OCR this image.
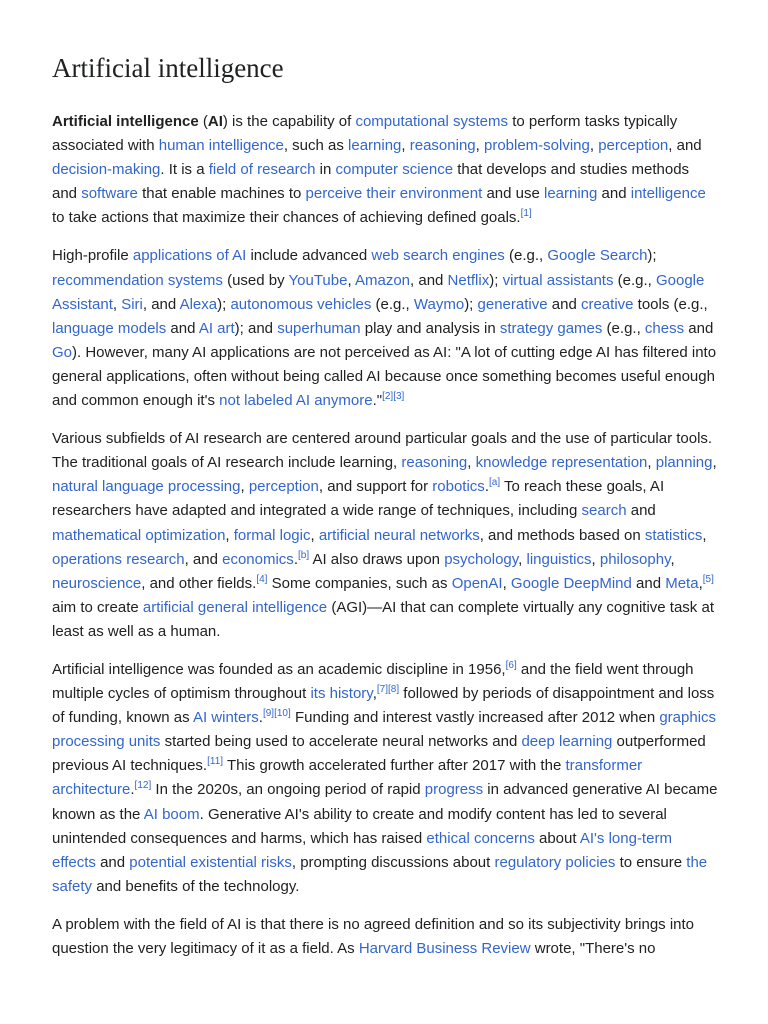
Artificial intelligence

Artificial intelligence (AI) is the capability of computational systems to perform tasks typically associated with human intelligence, such as learning, reasoning, problem-solving, perception, and decision-making. It is a field of research in computer science that develops and studies methods and software that enable machines to perceive their environment and use learning and intelligence to take actions that maximize their chances of achieving defined goals.[1]

High-profile applications of AI include advanced web search engines (e.g., Google Search); recommendation systems (used by YouTube, Amazon, and Netflix); virtual assistants (e.g., Google Assistant, Siri, and Alexa); autonomous vehicles (e.g., Waymo); generative and creative tools (e.g., language models and AI art); and superhuman play and analysis in strategy games (e.g., chess and Go). However, many AI applications are not perceived as AI: "A lot of cutting edge AI has filtered into general applications, often without being called AI because once something becomes useful enough and common enough it's not labeled AI anymore."[2][3]

Various subfields of AI research are centered around particular goals and the use of particular tools. The traditional goals of AI research include learning, reasoning, knowledge representation, planning, natural language processing, perception, and support for robotics.[a] To reach these goals, AI researchers have adapted and integrated a wide range of techniques, including search and mathematical optimization, formal logic, artificial neural networks, and methods based on statistics, operations research, and economics.[b] AI also draws upon psychology, linguistics, philosophy, neuroscience, and other fields.[4] Some companies, such as OpenAI, Google DeepMind and Meta,[5] aim to create artificial general intelligence (AGI)—AI that can complete virtually any cognitive task at least as well as a human.

Artificial intelligence was founded as an academic discipline in 1956,[6] and the field went through multiple cycles of optimism throughout its history,[7][8] followed by periods of disappointment and loss of funding, known as AI winters.[9][10] Funding and interest vastly increased after 2012 when graphics processing units started being used to accelerate neural networks and deep learning outperformed previous AI techniques.[11] This growth accelerated further after 2017 with the transformer architecture.[12] In the 2020s, an ongoing period of rapid progress in advanced generative AI became known as the AI boom. Generative AI's ability to create and modify content has led to several unintended consequences and harms, which has raised ethical concerns about AI's long-term effects and potential existential risks, prompting discussions about regulatory policies to ensure the safety and benefits of the technology.

A problem with the field of AI is that there is no agreed definition and so its subjectivity brings into question the very legitimacy of it as a field. As Harvard Business Review wrote, "There's no
